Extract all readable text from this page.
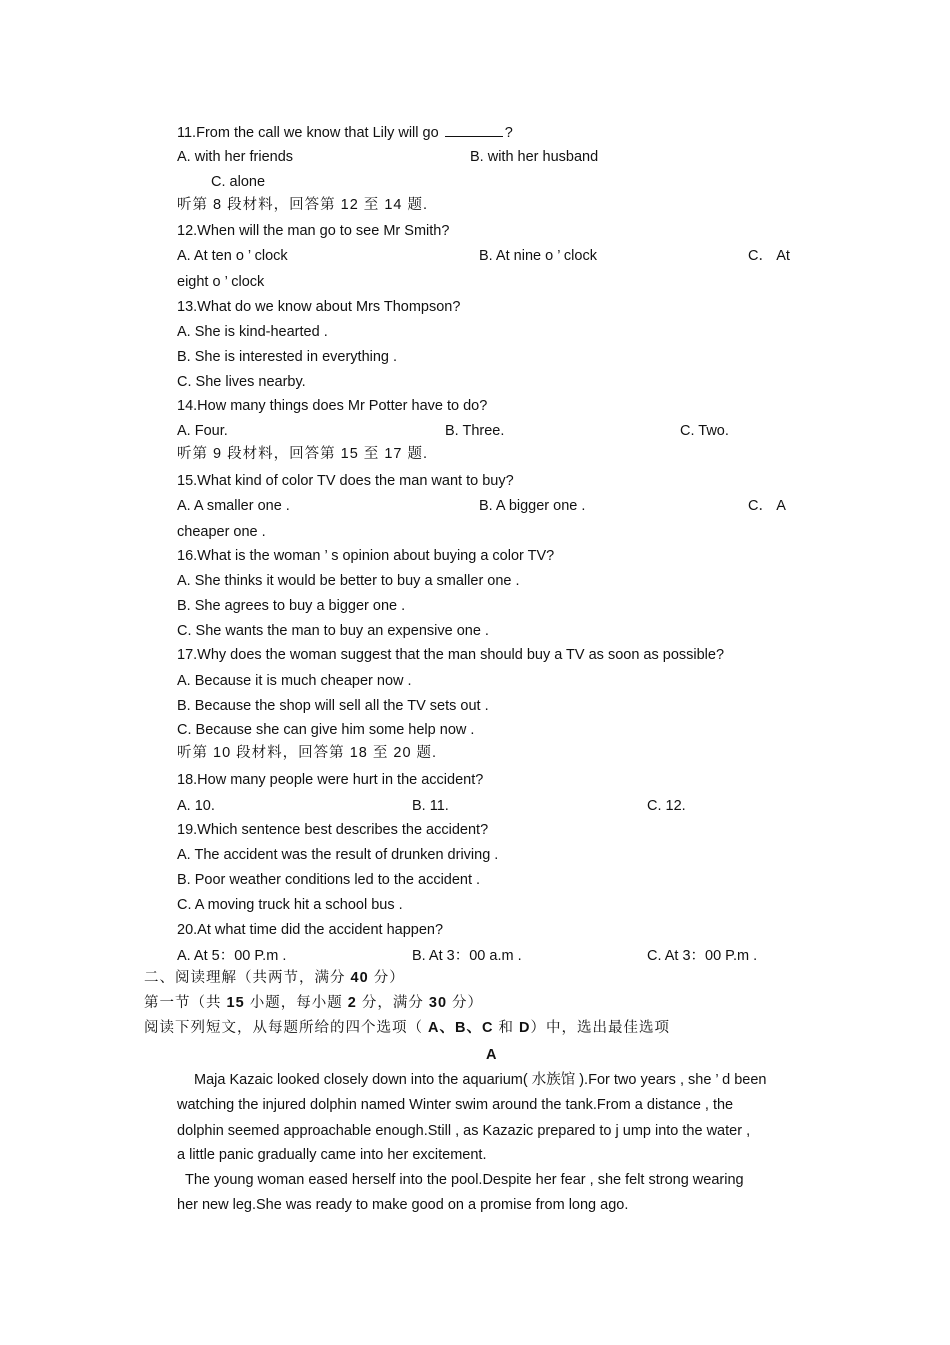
11.From the call we know that Lily will go	?
A. with her friends	B. with her husband
C. alone
听第 8 段材料，回答第 12 至 14 题.
12.When will the man go to see Mr Smith?
A. At ten o ’ clock	B. At nine o ’ clock	C． At
eight o ’ clock
13.What do we know about Mrs Thompson?
A. She is kind-hearted .
B. She is interested in everything .
C. She lives nearby.
14.How many things does Mr Potter have to do?
A. Four.	B. Three.	C. Two.
听第 9 段材料，回答第 15 至 17 题.
15.What kind of color TV does the man want to buy?
A. A smaller one .	B. A bigger one .	C． A
cheaper one .
16.What is the woman ’ s opinion about buying a color TV?
A. She thinks it would be better to buy a smaller one .
B. She agrees to buy a bigger one .
C. She wants the man to buy an expensive one .
17.Why does the woman suggest that the man should buy a TV as soon as possible?
A. Because it is much cheaper now .
B. Because the shop will sell all the TV sets out .
C. Because she can give him some help now .
听第 10 段材料，回答第 18 至 20 题.
18.How many people were hurt in the accident?
A. 10.	B. 11.	C. 12.
19.Which sentence best describes the accident?
A. The accident was the result of drunken driving .
B. Poor weather conditions led to the accident .
C. A moving truck hit a school bus .
20.At what time did the accident happen?
A. At 5：00 P.m .	B. At 3：00 a.m .	C. At 3：00 P.m .
二、阅读理解（共两节，满分 40 分）
第一节（共 15 小题，每小题 2 分，满分 30 分）
阅读下列短文，从每题所给的四个选项（ A、B、C 和 D）中，选出最佳选项
A
Maja Kazaic looked closely down into the aquarium( 水族馆 ).For two years , she ’ d been
watching the injured dolphin named Winter swim around the tank.From a distance , the
dolphin seemed approachable enough.Still , as Kazazic prepared to j ump into the water ,
a little panic gradually came into her excitement.
The young woman eased herself into the pool.Despite her fear , she felt strong wearing
her new leg.She was ready to make good on a promise from long ago.
